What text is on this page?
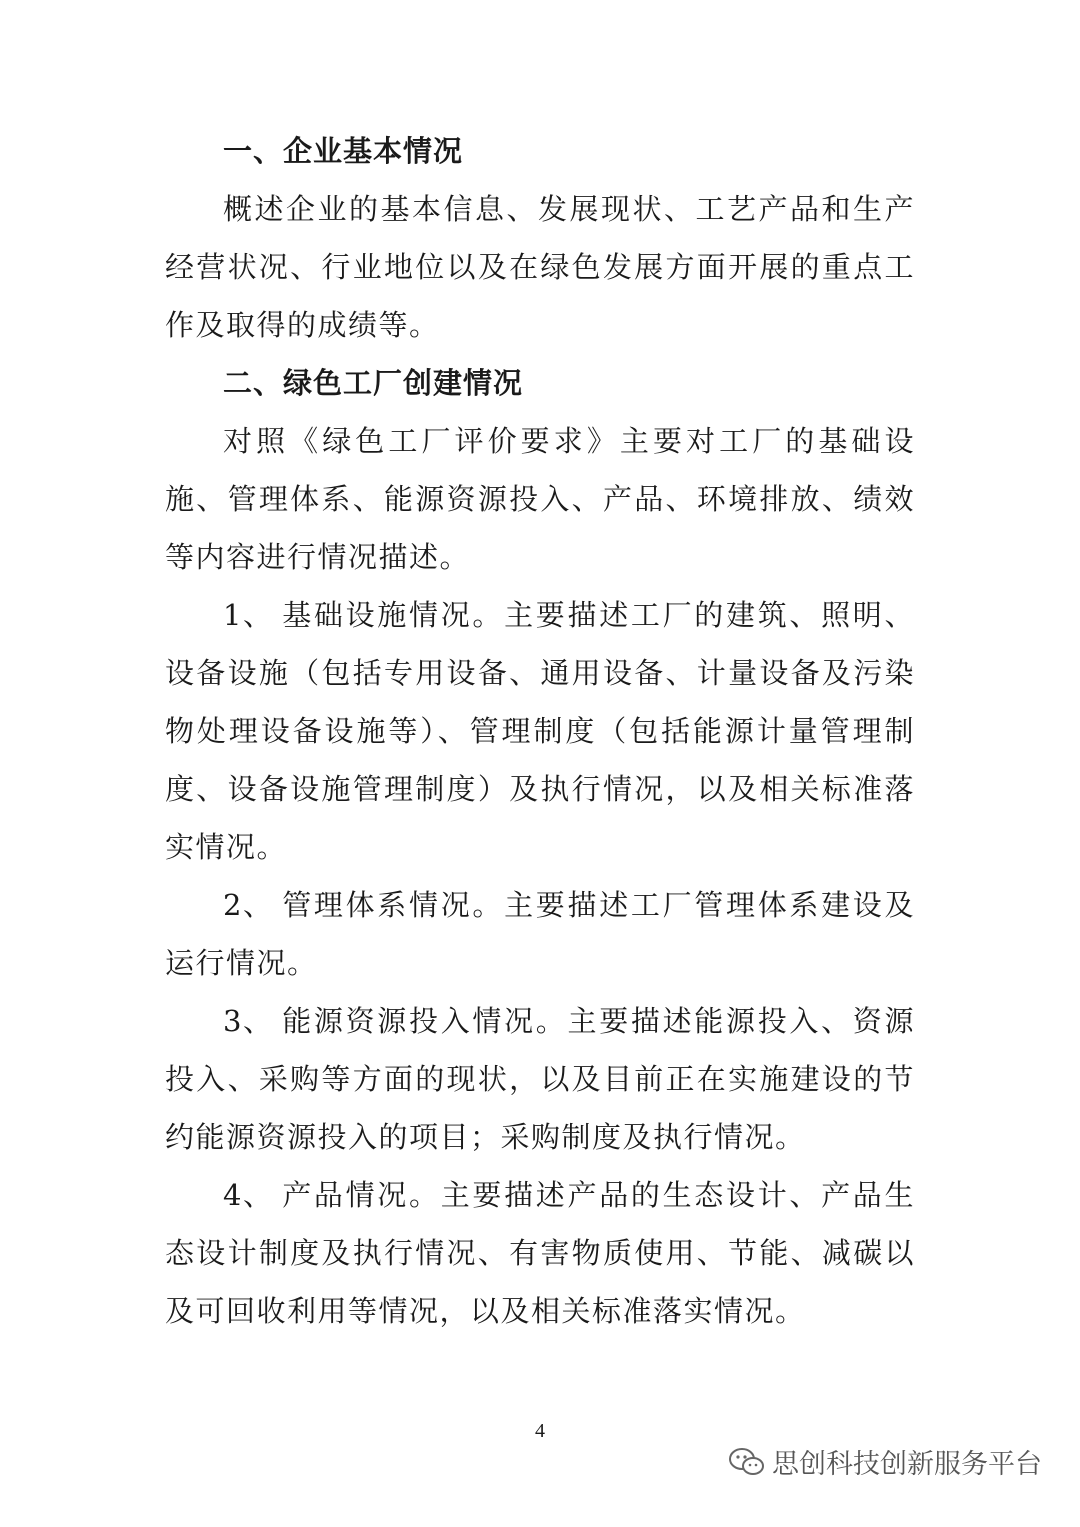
一、企业基本情况

概述企业的基本信息、发展现状、工艺产品和生产经营状况、行业地位以及在绿色发展方面开展的重点工作及取得的成绩等。

二、绿色工厂创建情况

对照《绿色工厂评价要求》主要对工厂的基础设施、管理体系、能源资源投入、产品、环境排放、绩效等内容进行情况描述。

1、 基础设施情况。主要描述工厂的建筑、照明、设备设施（包括专用设备、通用设备、计量设备及污染物处理设备设施等）、管理制度（包括能源计量管理制度、设备设施管理制度）及执行情况，以及相关标准落实情况。

2、 管理体系情况。主要描述工厂管理体系建设及运行情况。

3、 能源资源投入情况。主要描述能源投入、资源投入、采购等方面的现状，以及目前正在实施建设的节约能源资源投入的项目；采购制度及执行情况。

4、 产品情况。主要描述产品的生态设计、产品生态设计制度及执行情况、有害物质使用、节能、减碳以及可回收利用等情况，以及相关标准落实情况。

4
思创科技创新服务平台
